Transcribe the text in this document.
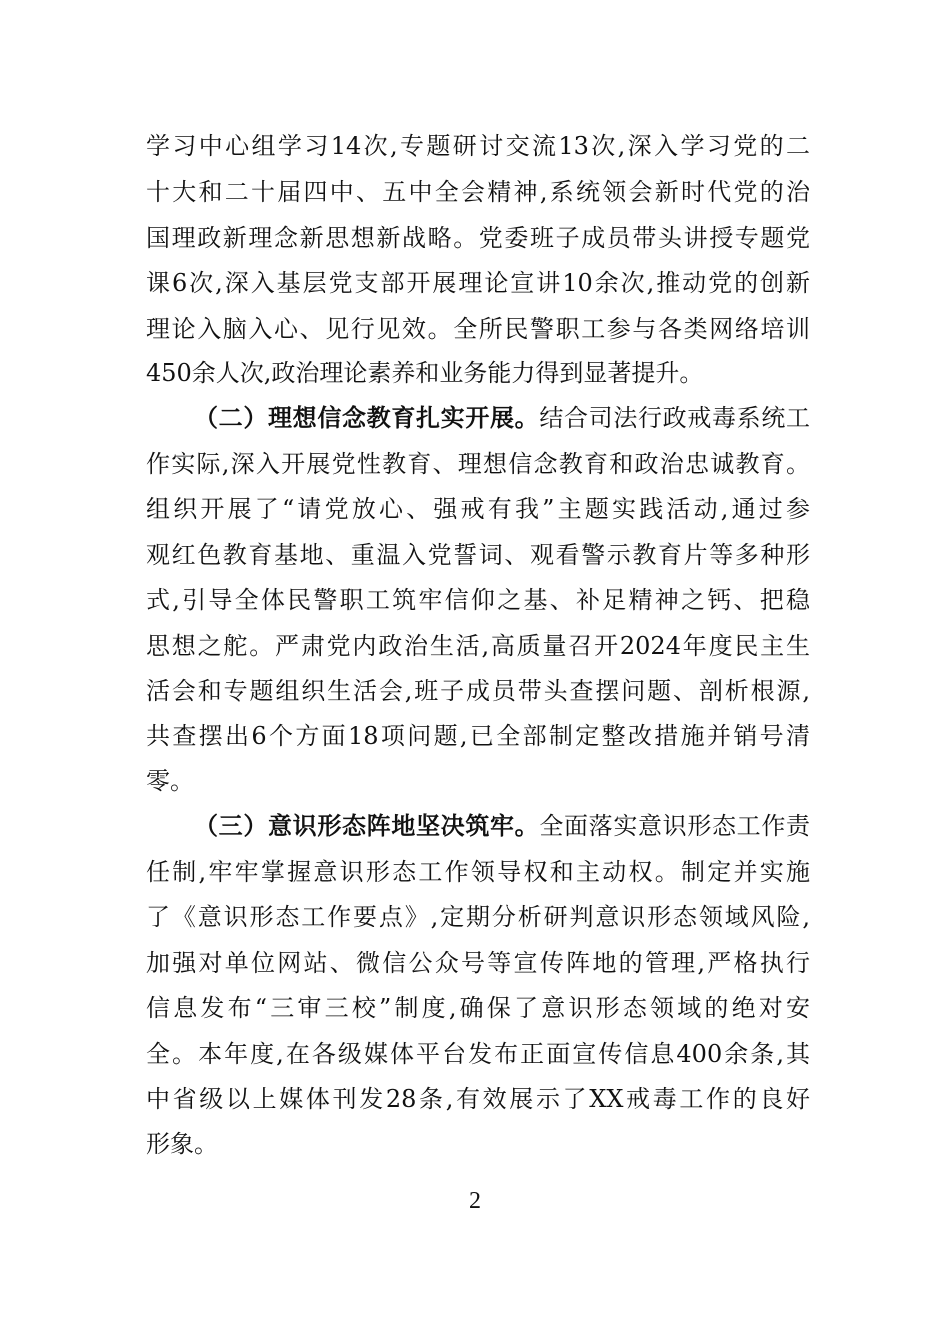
学习中心组学习14次,专题研讨交流13次,深入学习党的二
十大和二十届四中、五中全会精神,系统领会新时代党的治
国理政新理念新思想新战略。党委班子成员带头讲授专题党
课6次,深入基层党支部开展理论宣讲10余次,推动党的创新
理论入脑入心、见行见效。全所民警职工参与各类网络培训
450余人次,政治理论素养和业务能力得到显著提升。
（二）理想信念教育扎实开展。结合司法行政戒毒系统工
作实际,深入开展党性教育、理想信念教育和政治忠诚教育。
组织开展了“请党放心、强戒有我”主题实践活动,通过参
观红色教育基地、重温入党誓词、观看警示教育片等多种形
式,引导全体民警职工筑牢信仰之基、补足精神之钙、把稳
思想之舵。严肃党内政治生活,高质量召开2024年度民主生
活会和专题组织生活会,班子成员带头查摆问题、剖析根源,
共查摆出6个方面18项问题,已全部制定整改措施并销号清
零。
（三）意识形态阵地坚决筑牢。全面落实意识形态工作责
任制,牢牢掌握意识形态工作领导权和主动权。制定并实施
了《意识形态工作要点》,定期分析研判意识形态领域风险,
加强对单位网站、微信公众号等宣传阵地的管理,严格执行
信息发布“三审三校”制度,确保了意识形态领域的绝对安
全。本年度,在各级媒体平台发布正面宣传信息400余条,其
中省级以上媒体刊发28条,有效展示了XX戒毒工作的良好
形象。
2
